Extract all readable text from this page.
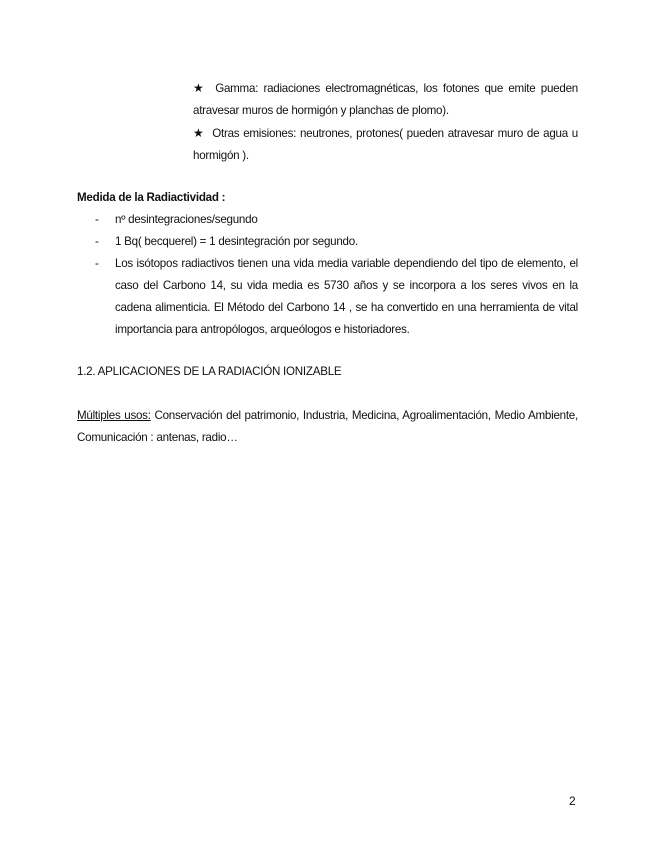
★ Gamma: radiaciones electromagnéticas, los fotones que emite pueden atravesar muros de hormigón y planchas de plomo).

★ Otras emisiones: neutrones, protones( pueden atravesar muro de agua u hormigón ).

Medida de la Radiactividad :
- nº desintegraciones/segundo
- 1 Bq( becquerel) = 1 desintegración por segundo.
- Los isótopos radiactivos tienen una vida media variable dependiendo del tipo de elemento, el caso del Carbono 14, su vida media es 5730 años y se incorpora a los seres vivos en la cadena alimenticia. El Método del Carbono 14 , se ha convertido en una herramienta de vital importancia para antropólogos, arqueólogos e historiadores.
1.2. APLICACIONES DE LA RADIACIÓN IONIZABLE
Múltiples usos: Conservación del patrimonio, Industria, Medicina, Agroalimentación, Medio Ambiente, Comunicación : antenas, radio…
2
